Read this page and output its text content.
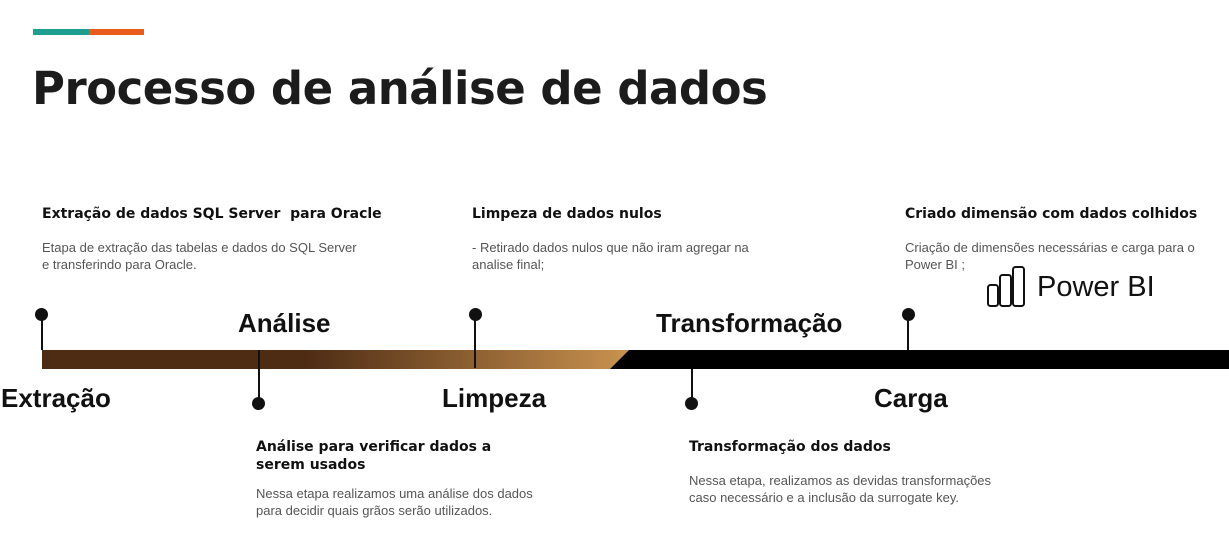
Processo de análise de dados
Extração
Análise
Limpeza
Transformação
Carga
Extração de dados SQL Server  para Oracle
Etapa de extração das tabelas e dados do SQL Server e transferindo para Oracle.
Análise para verificar dados a serem usados
Nessa etapa realizamos uma análise dos dados para decidir quais grãos serão utilizados.
Limpeza de dados nulos
- Retirado dados nulos que não iram agregar na analise final;
Transformação dos dados
Nessa etapa, realizamos as devidas transformações caso necessário e a inclusão da surrogate key.
Criado dimensão com dados colhidos
Criação de dimensões necessárias e carga para o Power BI ;
Power BI
